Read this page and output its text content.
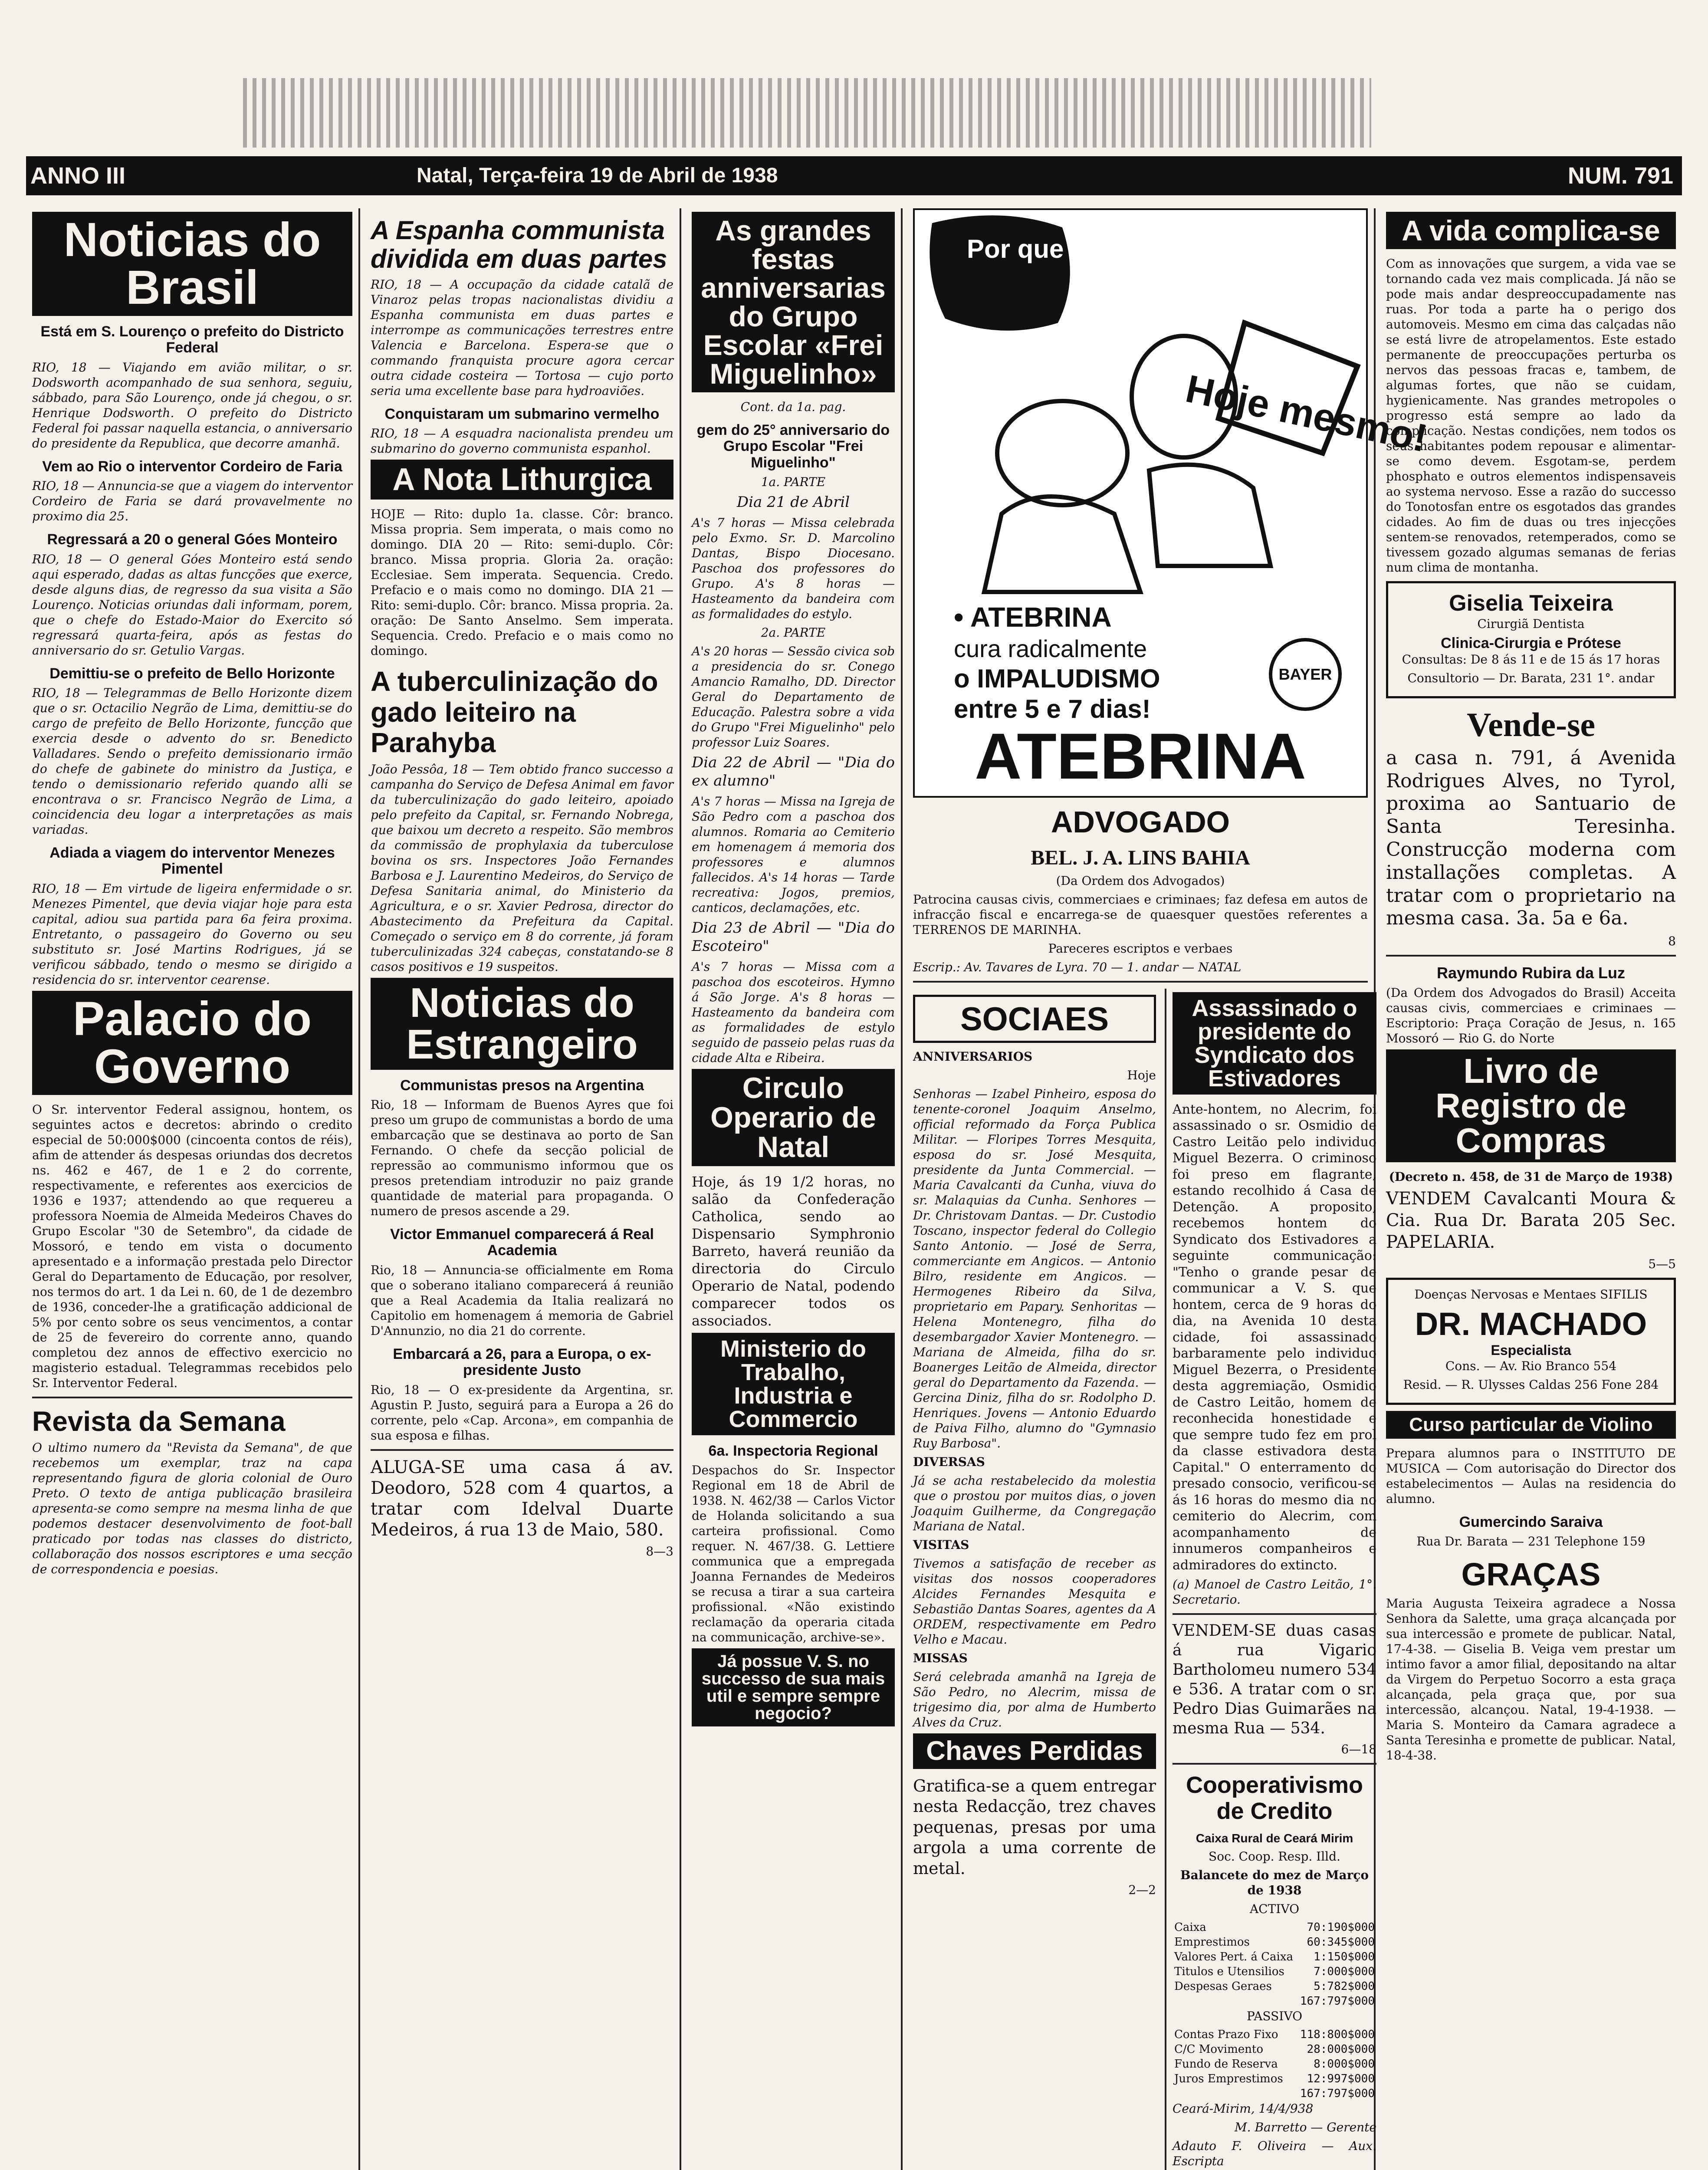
ANNO III	Natal, Terça-feira 19 de Abril de 1938	NUM. 791
Noticias do Brasil
Está em S. Lourenço o prefeito do Districto Federal
RIO, 18 — Viajando em avião militar, o sr. Dodsworth acompanhado de sua senhora, seguiu, sábbado, para São Lourenço, onde já chegou, o sr. Henrique Dodsworth. O prefeito do Districto Federal foi passar naquella estancia, o anniversario do presidente da Republica, que decorre amanhã.
Vem ao Rio o interventor Cordeiro de Faria
RIO, 18 — Annuncia-se que a viagem do interventor Cordeiro de Faria se dará provavelmente no proximo dia 25.
Regressará a 20 o general Góes Monteiro
RIO, 18 — O general Góes Monteiro está sendo aqui esperado, dadas as altas funcções que exerce, desde alguns dias, de regresso da sua visita a São Lourenço. Noticias oriundas dali informam, porem, que o chefe do Estado-Maior do Exercito só regressará quarta-feira, após as festas do anniversario do sr. Getulio Vargas.
Demittiu-se o prefeito de Bello Horizonte
RIO, 18 — Telegrammas de Bello Horizonte dizem que o sr. Octacilio Negrão de Lima, demittiu-se do cargo de prefeito de Bello Horizonte, funcção que exercia desde o advento do sr. Benedicto Valladares. Sendo o prefeito demissionario irmão do chefe de gabinete do ministro da Justiça, e tendo o demissionario referido quando alli se encontrava o sr. Francisco Negrão de Lima, a coincidencia deu logar a interpretações as mais variadas.
Adiada a viagem do interventor Menezes Pimentel
RIO, 18 — Em virtude de ligeira enfermidade o sr. Menezes Pimentel, que devia viajar hoje para esta capital, adiou sua partida para 6a feira proxima. Entretanto, o passageiro do Governo ou seu substituto sr. José Martins Rodrigues, já se verificou sábbado, tendo o mesmo se dirigido a residencia do sr. interventor cearense.
Palacio do Governo
O Sr. interventor Federal assignou, hontem, os seguintes actos e decretos: abrindo o credito especial de 50:000$000 (cincoenta contos de réis), afim de attender ás despesas oriundas dos decretos ns. 462 e 467, de 1 e 2 do corrente, respectivamente, e referentes aos exercicios de 1936 e 1937; attendendo ao que requereu a professora Noemia de Almeida Medeiros Chaves do Grupo Escolar "30 de Setembro", da cidade de Mossoró, e tendo em vista o documento apresentado e a informação prestada pelo Director Geral do Departamento de Educação, por resolver, nos termos do art. 1 da Lei n. 60, de 1 de dezembro de 1936, conceder-lhe a gratificação addicional de 5% por cento sobre os seus vencimentos, a contar de 25 de fevereiro do corrente anno, quando completou dez annos de effectivo exercicio no magisterio estadual. Telegrammas recebidos pelo Sr. Interventor Federal.
Revista da Semana
O ultimo numero da "Revista da Semana", de que recebemos um exemplar, traz na capa representando figura de gloria colonial de Ouro Preto. O texto de antiga publicação brasileira apresenta-se como sempre na mesma linha de que podemos destacer desenvolvimento de foot-ball praticado por todas nas classes do districto, collaboração dos nossos escriptores e uma secção de correspondencia e poesias.
A Espanha communista dividida em duas partes
RIO, 18 — A occupação da cidade catalã de Vinaroz pelas tropas nacionalistas dividiu a Espanha communista em duas partes e interrompe as communicações terrestres entre Valencia e Barcelona. Espera-se que o commando franquista procure agora cercar outra cidade costeira — Tortosa — cujo porto seria uma excellente base para hydroaviões.
Conquistaram um submarino vermelho
RIO, 18 — A esquadra nacionalista prendeu um submarino do governo communista espanhol.
A Nota Lithurgica
HOJE — Rito: duplo 1a. classe. Côr: branco. Missa propria. Sem imperata, o mais como no domingo. DIA 20 — Rito: semi-duplo. Côr: branco. Missa propria. Gloria 2a. oração: Ecclesiae. Sem imperata. Sequencia. Credo. Prefacio e o mais como no domingo. DIA 21 — Rito: semi-duplo. Côr: branco. Missa propria. 2a. oração: De Santo Anselmo. Sem imperata. Sequencia. Credo. Prefacio e o mais como no domingo.
A tuberculinização do gado leiteiro na Parahyba
João Pessôa, 18 — Tem obtido franco successo a campanha do Serviço de Defesa Animal em favor da tuberculinização do gado leiteiro, apoiado pelo prefeito da Capital, sr. Fernando Nobrega, que baixou um decreto a respeito. São membros da commissão de prophylaxia da tuberculose bovina os srs. Inspectores João Fernandes Barbosa e J. Laurentino Medeiros, do Serviço de Defesa Sanitaria animal, do Ministerio da Agricultura, e o sr. Xavier Pedrosa, director do Abastecimento da Prefeitura da Capital. Começado o serviço em 8 do corrente, já foram tuberculinizadas 324 cabeças, constatando-se 8 casos positivos e 19 suspeitos.
Noticias do Estrangeiro
Communistas presos na Argentina
Rio, 18 — Informam de Buenos Ayres que foi preso um grupo de communistas a bordo de uma embarcação que se destinava ao porto de San Fernando. O chefe da secção policial de repressão ao communismo informou que os presos pretendiam introduzir no paiz grande quantidade de material para propaganda. O numero de presos ascende a 29.
Victor Emmanuel comparecerá á Real Academia
Rio, 18 — Annuncia-se officialmente em Roma que o soberano italiano comparecerá á reunião que a Real Academia da Italia realizará no Capitolio em homenagem á memoria de Gabriel D'Annunzio, no dia 21 do corrente.
Embarcará a 26, para a Europa, o ex-presidente Justo
Rio, 18 — O ex-presidente da Argentina, sr. Agustin P. Justo, seguirá para a Europa a 26 do corrente, pelo «Cap. Arcona», em companhia de sua esposa e filhas.
ALUGA-SE uma casa á av. Deodoro, 528 com 4 quartos, a tratar com Idelval Duarte Medeiros, á rua 13 de Maio, 580.
8—3
As grandes festas anniversarias do Grupo Escolar «Frei Miguelinho»
Cont. da 1a. pag.
gem do 25° anniversario do Grupo Escolar "Frei Miguelinho"
1a. PARTE
Dia 21 de Abril
A's 7 horas — Missa celebrada pelo Exmo. Sr. D. Marcolino Dantas, Bispo Diocesano. Paschoa dos professores do Grupo. A's 8 horas — Hasteamento da bandeira com as formalidades do estylo.
2a. PARTE
A's 20 horas — Sessão civica sob a presidencia do sr. Conego Amancio Ramalho, DD. Director Geral do Departamento de Educação. Palestra sobre a vida do Grupo "Frei Miguelinho" pelo professor Luiz Soares.
Dia 22 de Abril — "Dia do ex alumno"
A's 7 horas — Missa na Igreja de São Pedro com a paschoa dos alumnos. Romaria ao Cemiterio em homenagem á memoria dos professores e alumnos fallecidos. A's 14 horas — Tarde recreativa: Jogos, premios, canticos, declamações, etc.
Dia 23 de Abril — "Dia do Escoteiro"
A's 7 horas — Missa com a paschoa dos escoteiros. Hymno á São Jorge. A's 8 horas — Hasteamento da bandeira com as formalidades de estylo seguido de passeio pelas ruas da cidade Alta e Ribeira.
Circulo Operario de Natal
Hoje, ás 19 1/2 horas, no salão da Confederação Catholica, sendo ao Dispensario Symphronio Barreto, haverá reunião da directoria do Circulo Operario de Natal, podendo comparecer todos os associados.
Ministerio do Trabalho, Industria e Commercio
6a. Inspectoria Regional
Despachos do Sr. Inspector Regional em 18 de Abril de 1938. N. 462/38 — Carlos Victor de Holanda solicitando a sua carteira profissional. Como requer. N. 467/38. G. Lettiere communica que a empregada Joanna Fernandes de Medeiros se recusa a tirar a sua carteira profissional. «Não existindo reclamação da operaria citada na communicação, archive-se».
Já possue V. S. no successo de sua mais util e sempre sempre negocio?
Por que amanhã?
Hoje mesmo!
• ATEBRINA
cura radicalmente
o IMPALUDISMO
entre 5 e 7 dias!
BAYER
ATEBRINA
ADVOGADO
BEL. J. A. LINS BAHIA
(Da Ordem dos Advogados)
Patrocina causas civis, commerciaes e criminaes; faz defesa em autos de infracção fiscal e encarrega-se de quaesquer questões referentes a TERRENOS DE MARINHA.
Pareceres escriptos e verbaes
Escrip.: Av. Tavares de Lyra. 70 — 1. andar — NATAL
SOCIAES
ANNIVERSARIOS
Hoje
Senhoras — Izabel Pinheiro, esposa do tenente-coronel Joaquim Anselmo, official reformado da Força Publica Militar. — Floripes Torres Mesquita, esposa do sr. José Mesquita, presidente da Junta Commercial. — Maria Cavalcanti da Cunha, viuva do sr. Malaquias da Cunha. Senhores — Dr. Christovam Dantas. — Dr. Custodio Toscano, inspector federal do Collegio Santo Antonio. — José de Serra, commerciante em Angicos. — Antonio Bilro, residente em Angicos. — Hermogenes Ribeiro da Silva, proprietario em Papary. Senhoritas — Helena Montenegro, filha do desembargador Xavier Montenegro. — Mariana de Almeida, filha do sr. Boanerges Leitão de Almeida, director geral do Departamento da Fazenda. — Gercina Diniz, filha do sr. Rodolpho D. Henriques. Jovens — Antonio Eduardo de Paiva Filho, alumno do "Gymnasio Ruy Barbosa".
DIVERSAS
Já se acha restabelecido da molestia que o prostou por muitos dias, o joven Joaquim Guilherme, da Congregação Mariana de Natal.
VISITAS
Tivemos a satisfação de receber as visitas dos nossos cooperadores Alcides Fernandes Mesquita e Sebastião Dantas Soares, agentes da A ORDEM, respectivamente em Pedro Velho e Macau.
MISSAS
Será celebrada amanhã na Igreja de São Pedro, no Alecrim, missa de trigesimo dia, por alma de Humberto Alves da Cruz.
Chaves Perdidas
Gratifica-se a quem entregar nesta Redacção, trez chaves pequenas, presas por uma argola a uma corrente de metal.
2—2
Assassinado o presidente do Syndicato dos Estivadores
Ante-hontem, no Alecrim, foi assassinado o sr. Osmidio de Castro Leitão pelo individuo Miguel Bezerra. O criminoso foi preso em flagrante, estando recolhido á Casa de Detenção. A proposito, recebemos hontem do Syndicato dos Estivadores a seguinte communicação: "Tenho o grande pesar de communicar a V. S. que hontem, cerca de 9 horas do dia, na Avenida 10 desta cidade, foi assassinado barbaramente pelo individuo Miguel Bezerra, o Presidente desta aggremiação, Osmidio de Castro Leitão, homem de reconhecida honestidade e que sempre tudo fez em prol da classe estivadora desta Capital." O enterramento do presado consocio, verificou-se ás 16 horas do mesmo dia no cemiterio do Alecrim, com acompanhamento de innumeros companheiros e admiradores do extincto.
(a) Manoel de Castro Leitão, 1°. Secretario.
VENDEM-SE duas casas á rua Vigario Bartholomeu numero 534 e 536. A tratar com o sr. Pedro Dias Guimarães na mesma Rua — 534.
6—18
Cooperativismo de Credito
Caixa Rural de Ceará Mirim
Soc. Coop. Resp. Illd.
Balancete do mez de Março de 1938
ACTIVO
Caixa	70:190$000
Emprestimos	60:345$000
Valores Pert. á Caixa	1:150$000
Titulos e Utensilios	7:000$000
Despesas Geraes	5:782$000
	167:797$000
PASSIVO
Contas Prazo Fixo	118:800$000
C/C Movimento	28:000$000
Fundo de Reserva	8:000$000
Juros Emprestimos	12:997$000
	167:797$000
Ceará-Mirim, 14/4/938
M. Barretto — Gerente
Adauto F. Oliveira — Aux. Escripta
A vida complica-se
Com as innovações que surgem, a vida vae se tornando cada vez mais complicada. Já não se pode mais andar despreoccupadamente nas ruas. Por toda a parte ha o perigo dos automoveis. Mesmo em cima das calçadas não se está livre de atropelamentos. Este estado permanente de preoccupações perturba os nervos das pessoas fracas e, tambem, de algumas fortes, que não se cuidam, hygienicamente. Nas grandes metropoles o progresso está sempre ao lado da complicação. Nestas condições, nem todos os seus habitantes podem repousar e alimentar-se como devem. Esgotam-se, perdem phosphato e outros elementos indispensaveis ao systema nervoso. Esse a razão do successo do Tonotosfan entre os esgotados das grandes cidades. Ao fim de duas ou tres injecções sentem-se renovados, retemperados, como se tivessem gozado algumas semanas de ferias num clima de montanha.
Giselia Teixeira
Cirurgiã Dentista
Clinica-Cirurgia e Prótese
Consultas: De 8 ás 11 e de 15 ás 17 horas
Consultorio — Dr. Barata, 231 1°. andar
Vende-se
a casa n. 791, á Avenida Rodrigues Alves, no Tyrol, proxima ao Santuario de Santa Teresinha. Construcção moderna com installações completas. A tratar com o proprietario na mesma casa. 3a. 5a e 6a.
8
Raymundo Rubira da Luz
(Da Ordem dos Advogados do Brasil) Acceita causas civis, commerciaes e criminaes — Escriptorio: Praça Coração de Jesus, n. 165 Mossoró — Rio G. do Norte
Livro de Registro de Compras
(Decreto n. 458, de 31 de Março de 1938)
VENDEM Cavalcanti Moura & Cia. Rua Dr. Barata 205 Sec. PAPELARIA.
5—5
Doenças Nervosas e Mentaes SIFILIS
DR. MACHADO
Especialista
Cons. — Av. Rio Branco 554
Resid. — R. Ulysses Caldas 256 Fone 284
Curso particular de Violino
Prepara alumnos para o INSTITUTO DE MUSICA — Com autorisação do Director dos estabelecimentos — Aulas na residencia do alumno.
Gumercindo Saraiva
Rua Dr. Barata — 231 Telephone 159
GRAÇAS
Maria Augusta Teixeira agradece a Nossa Senhora da Salette, uma graça alcançada por sua intercessão e promete de publicar. Natal, 17-4-38. — Giselia B. Veiga vem prestar um intimo favor a amor filial, depositando na altar da Virgem do Perpetuo Socorro a esta graça alcançada, pela graça que, por sua intercessão, alcançou. Natal, 19-4-1938. — Maria S. Monteiro da Camara agradece a Santa Teresinha e promette de publicar. Natal, 18-4-38.
